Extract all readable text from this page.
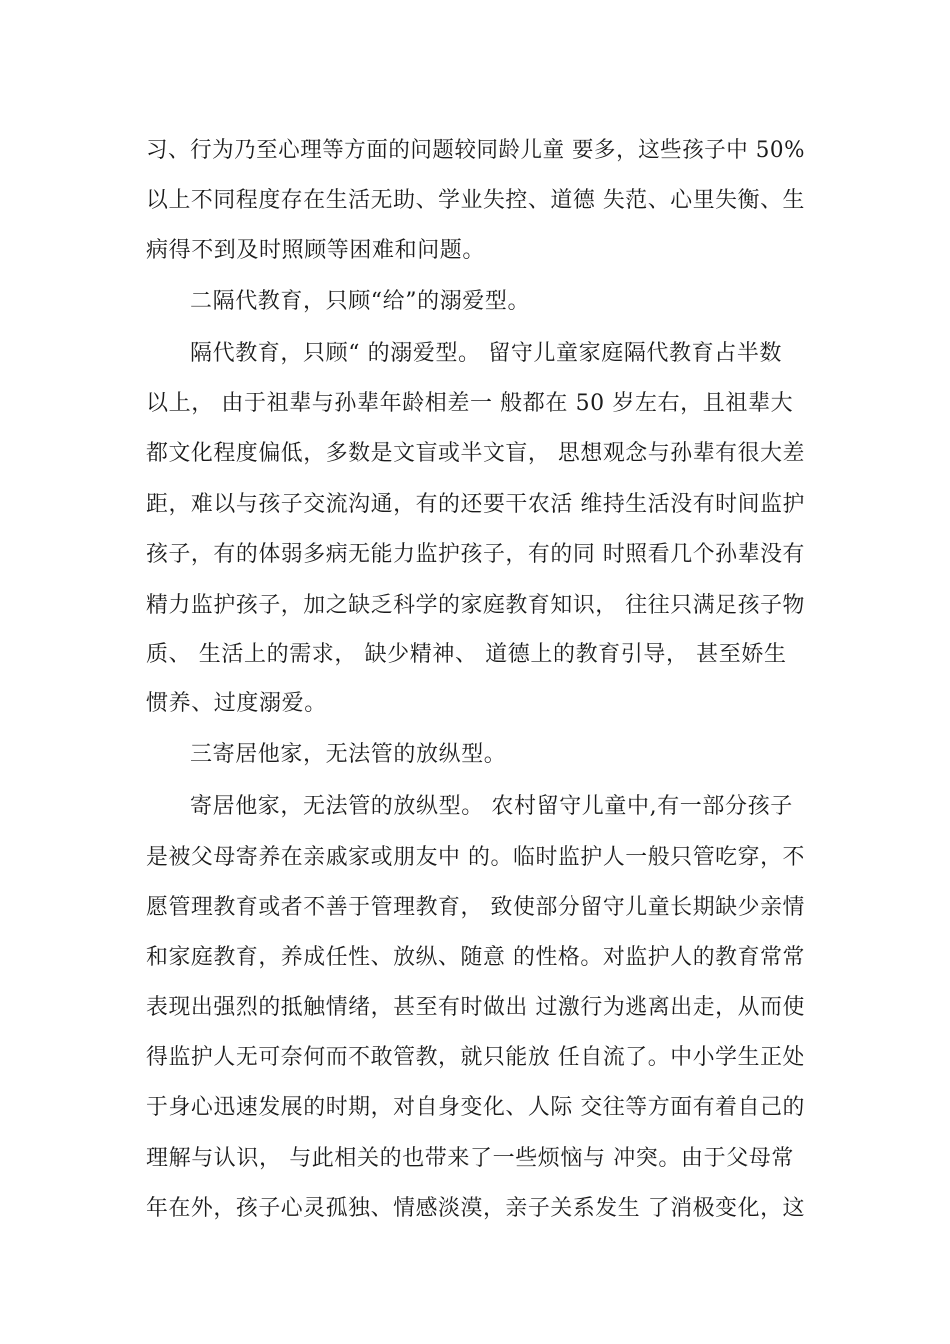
习、行为乃至心理等方面的问题较同龄儿童 要多，这些孩子中 50%
以上不同程度存在生活无助、学业失控、道德 失范、心里失衡、生
病得不到及时照顾等困难和问题。
二隔代教育，只顾“给”的溺爱型。
隔代教育，只顾“ 的溺爱型。 留守儿童家庭隔代教育占半数
以上， 由于祖辈与孙辈年龄相差一 般都在 50 岁左右，且祖辈大
都文化程度偏低，多数是文盲或半文盲， 思想观念与孙辈有很大差
距，难以与孩子交流沟通，有的还要干农活 维持生活没有时间监护
孩子，有的体弱多病无能力监护孩子，有的同 时照看几个孙辈没有
精力监护孩子，加之缺乏科学的家庭教育知识， 往往只满足孩子物
质、 生活上的需求， 缺少精神、 道德上的教育引导， 甚至娇生
惯养、过度溺爱。
三寄居他家，无法管的放纵型。
寄居他家，无法管的放纵型。 农村留守儿童中,有一部分孩子
是被父母寄养在亲戚家或朋友中 的。临时监护人一般只管吃穿，不
愿管理教育或者不善于管理教育， 致使部分留守儿童长期缺少亲情
和家庭教育，养成任性、放纵、随意 的性格。对监护人的教育常常
表现出强烈的抵触情绪，甚至有时做出 过激行为逃离出走，从而使
得监护人无可奈何而不敢管教，就只能放 任自流了。中小学生正处
于身心迅速发展的时期，对自身变化、人际 交往等方面有着自己的
理解与认识， 与此相关的也带来了一些烦恼与 冲突。由于父母常
年在外，孩子心灵孤独、情感淡漠，亲子关系发生 了消极变化，这
